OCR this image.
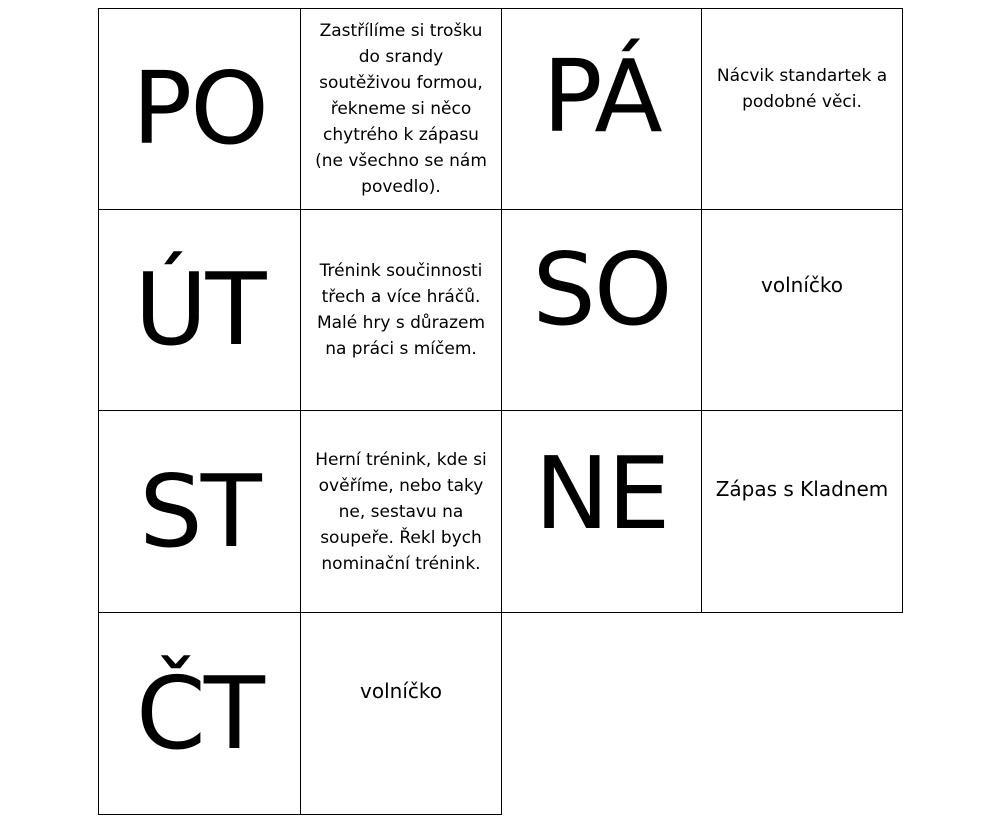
PO
ÚT
ST
ČT
Zastřílíme si trošku do srandy soutěživou formou, řekneme si něco chytrého k zápasu (ne všechno se nám povedlo).
Trénink součinnosti třech a více hráčů. Malé hry s důrazem na práci s míčem.
Herní trénink, kde si ověříme, nebo taky ne, sestavu na soupeře. Řekl bych nominační trénink.
volníčko
PÁ
SO
NE
Nácvik standartek a podobné věci.
volníčko
Zápas s Kladnem
